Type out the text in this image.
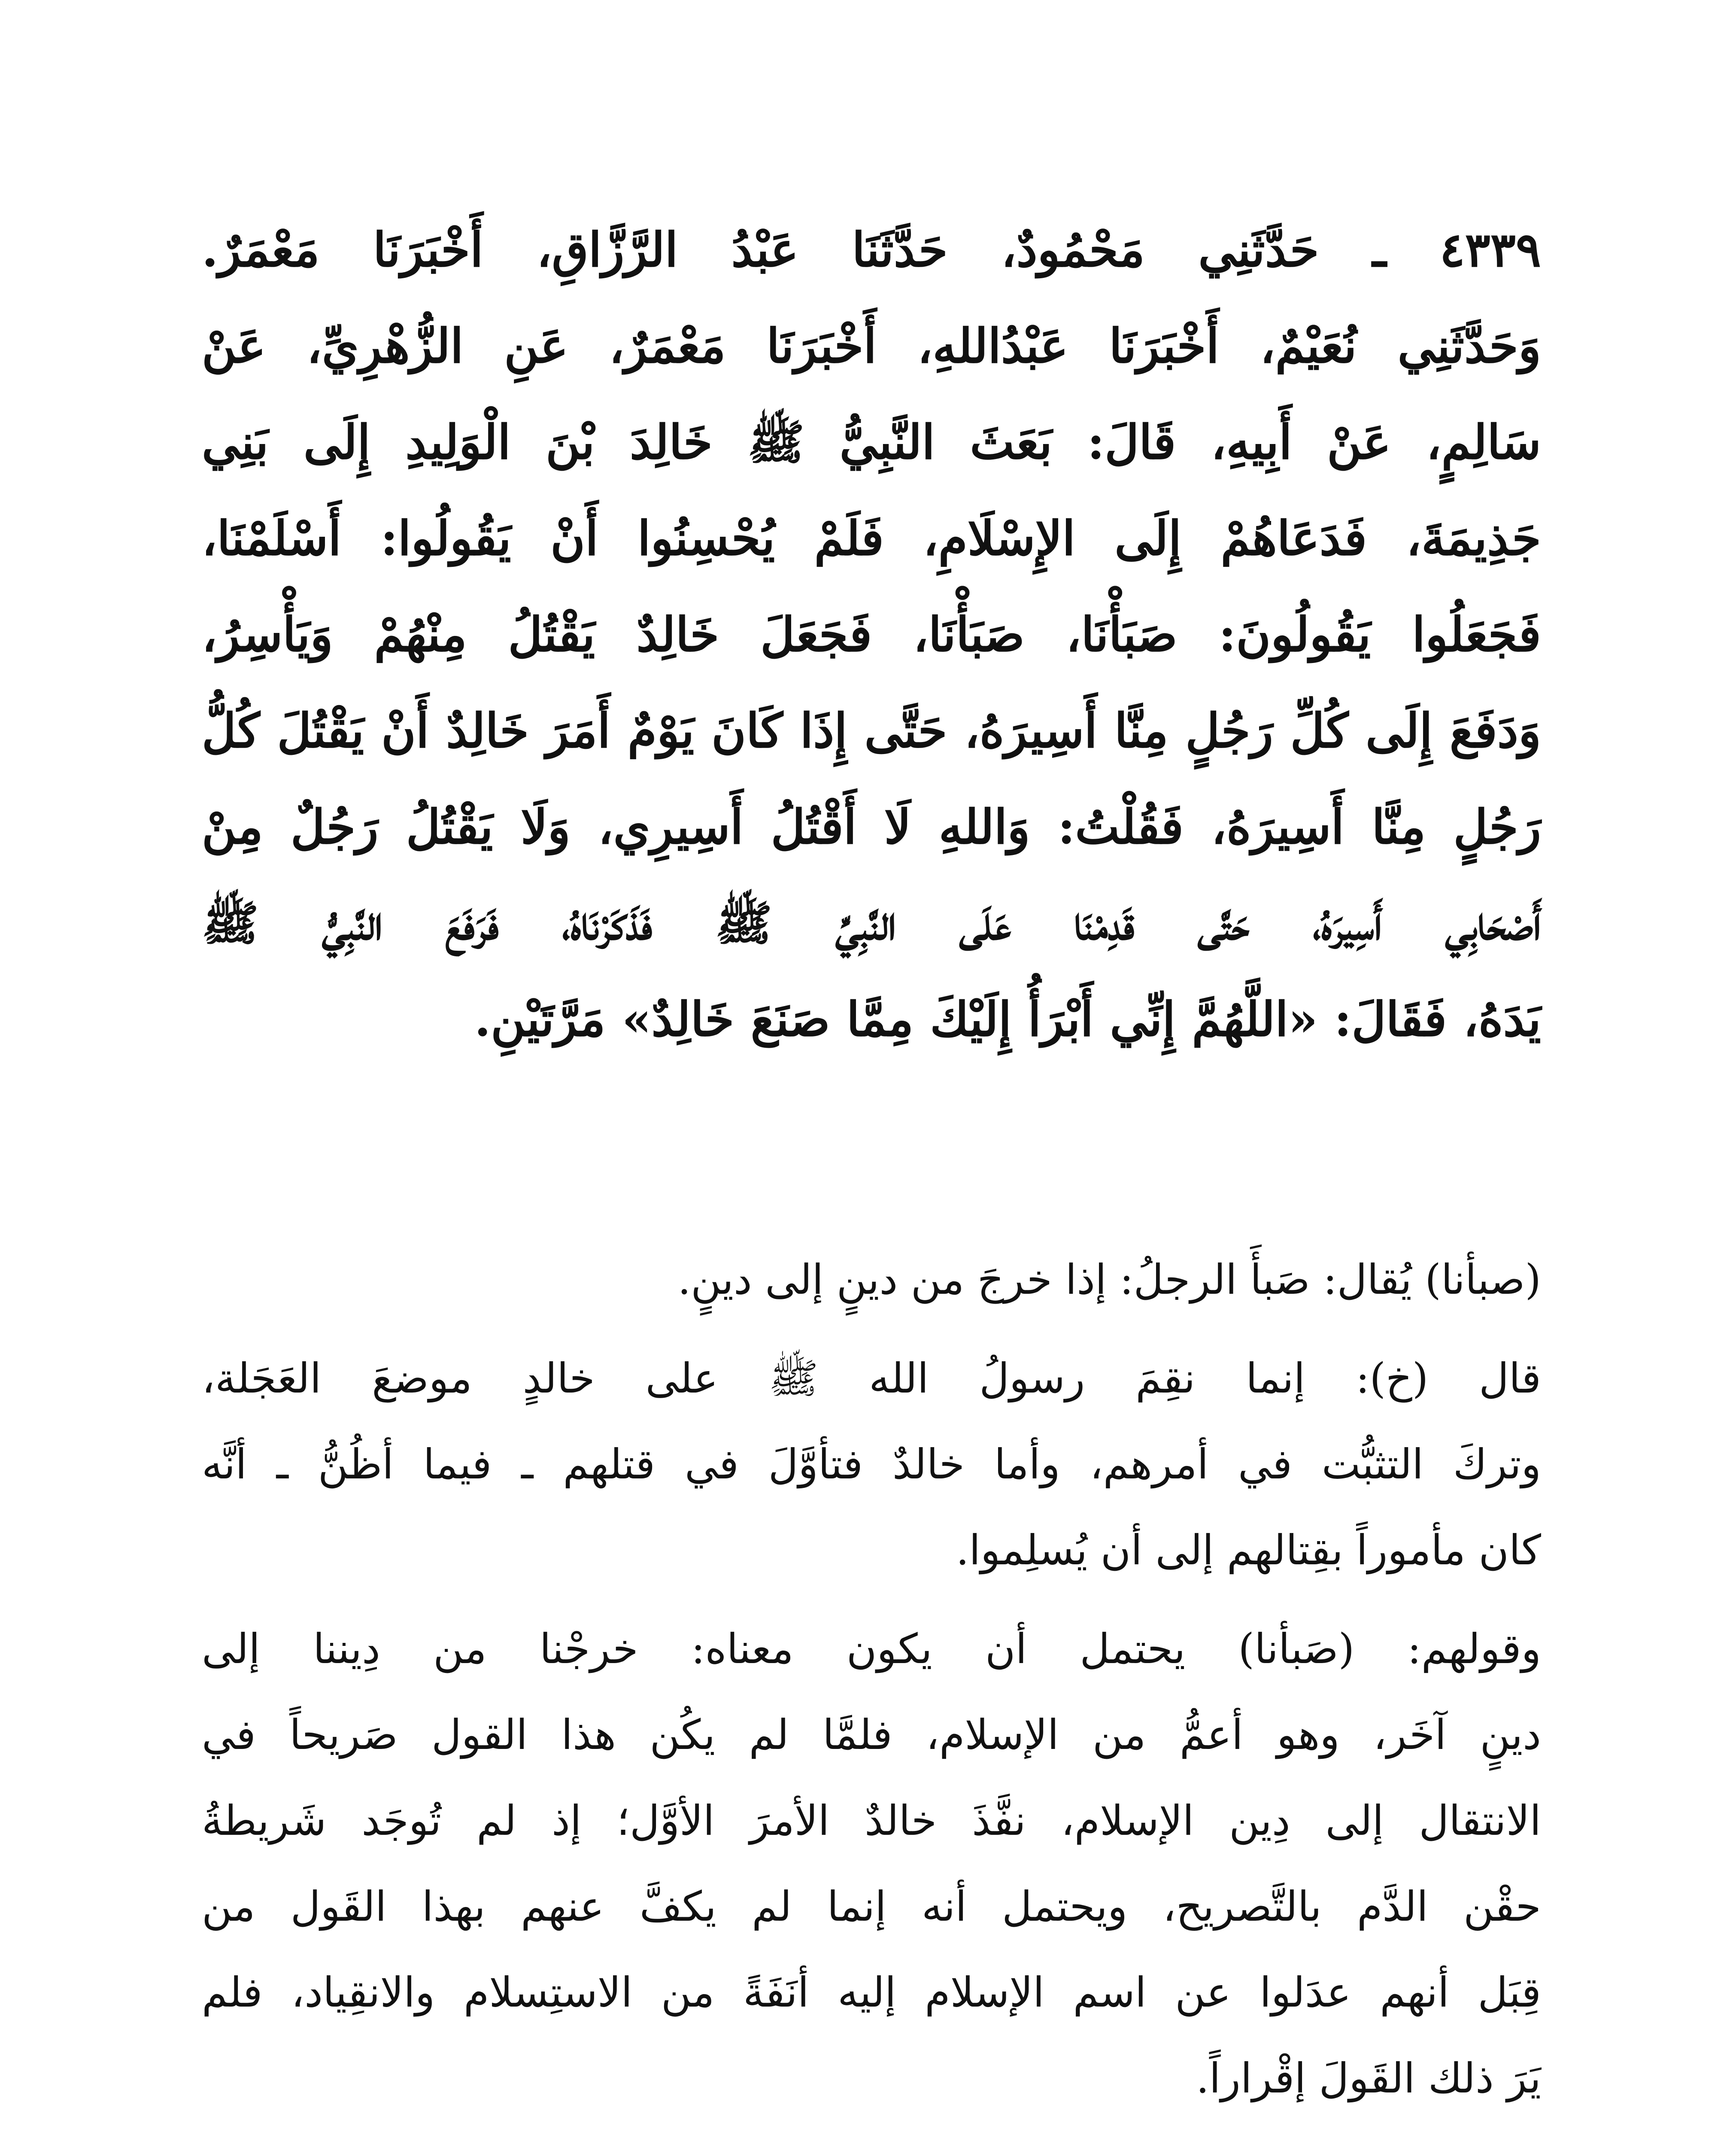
٤٣٣٩ ـ حَدَّثَنِي مَحْمُودٌ، حَدَّثَنَا عَبْدُ الرَّزَّاقِ، أَخْبَرَنَا مَعْمَرٌ.
وَحَدَّثَنِي نُعَيْمٌ، أَخْبَرَنَا عَبْدُاللهِ، أَخْبَرَنَا مَعْمَرٌ، عَنِ الزُّهْرِيِّ، عَنْ
سَالِمٍ، عَنْ أَبِيهِ، قَالَ: بَعَثَ النَّبِيُّ ﷺ خَالِدَ بْنَ الْوَلِيدِ إِلَى بَنِي
جَذِيمَةَ، فَدَعَاهُمْ إِلَى الإِسْلَامِ، فَلَمْ يُحْسِنُوا أَنْ يَقُولُوا: أَسْلَمْنَا،
فَجَعَلُوا يَقُولُونَ: صَبَأْنَا، صَبَأْنَا، فَجَعَلَ خَالِدٌ يَقْتُلُ مِنْهُمْ وَيَأْسِرُ،
وَدَفَعَ إِلَى كُلِّ رَجُلٍ مِنَّا أَسِيرَهُ، حَتَّى إِذَا كَانَ يَوْمٌ أَمَرَ خَالِدٌ أَنْ يَقْتُلَ كُلُّ
رَجُلٍ مِنَّا أَسِيرَهُ، فَقُلْتُ: وَاللهِ لَا أَقْتُلُ أَسِيرِي، وَلَا يَقْتُلُ رَجُلٌ مِنْ
أَصْحَابِي أَسِيرَهُ، حَتَّى قَدِمْنَا عَلَى النَّبِيِّ ﷺ فَذَكَرْنَاهُ، فَرَفَعَ النَّبِيُّ ﷺ
يَدَهُ، فَقَالَ: «اللَّهُمَّ إِنِّي أَبْرَأُ إِلَيْكَ مِمَّا صَنَعَ خَالِدٌ» مَرَّتَيْنِ.
(صبأنا) يُقال: صَبأَ الرجلُ: إذا خرجَ من دينٍ إلى دينٍ.
قال (خ): إنما نقِمَ رسولُ الله ﷺ على خالدٍ موضعَ العَجَلة،
وتركَ التثبُّت في أمرهم، وأما خالدٌ فتأوَّلَ في قتلهم ـ فيما أظُنُّ ـ أنَّه
كان مأموراً بقِتالهم إلى أن يُسلِموا.
وقولهم: (صَبأنا) يحتمل أن يكون معناه: خرجْنا من دِيننا إلى
دينٍ آخَر، وهو أعمُّ من الإسلام، فلمَّا لم يكُن هذا القول صَريحاً في
الانتقال إلى دِين الإسلام، نفَّذَ خالدٌ الأمرَ الأوَّل؛ إذ لم تُوجَد شَريطةُ
حقْن الدَّم بالتَّصريح، ويحتمل أنه إنما لم يكفَّ عنهم بهذا القَول من
قِبَل أنهم عدَلوا عن اسم الإسلام إليه أنَفَةً من الاستِسلام والانقِياد، فلم
يَرَ ذلك القَولَ إقْراراً.
